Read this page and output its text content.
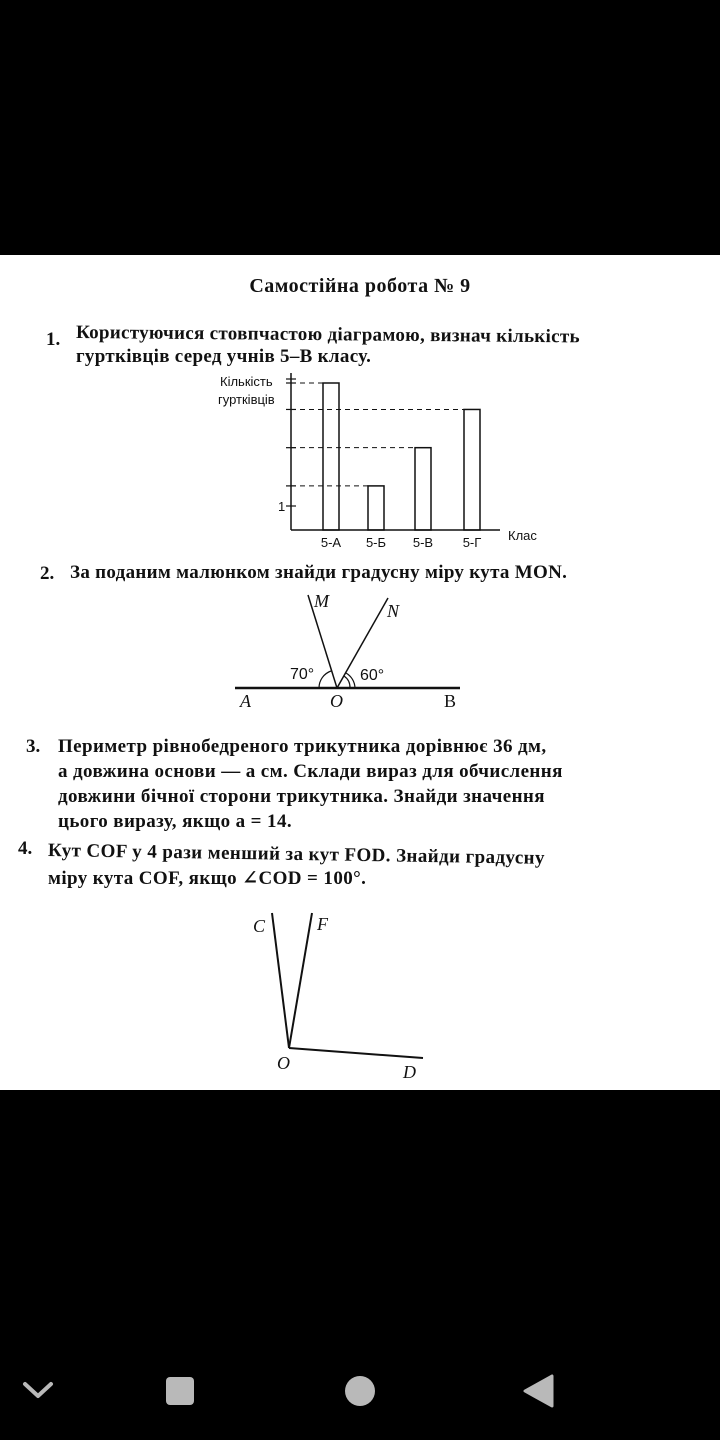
Самостійна робота № 9
1. Користуючися стовпчастою діаграмою, визнач кількість
гуртківців серед учнів 5–В класу.
Кількість
гуртківців
1
5-А 5-Б 5-В 5-Г Клас
2. За поданим малюнком знайди градусну міру кута MON.
M	N
70°	60°
A	O	B
3. Периметр рівнобедреного трикутника дорівнює 36 дм,
а довжина основи — a см. Склади вираз для обчислення
довжини бічної сторони трикутника. Знайди значення
цього виразу, якщо a = 14.
4. Кут COF у 4 рази менший за кут FOD. Знайди градусну
міру кута COF, якщо ∠COD = 100°.
C	F
O	D
